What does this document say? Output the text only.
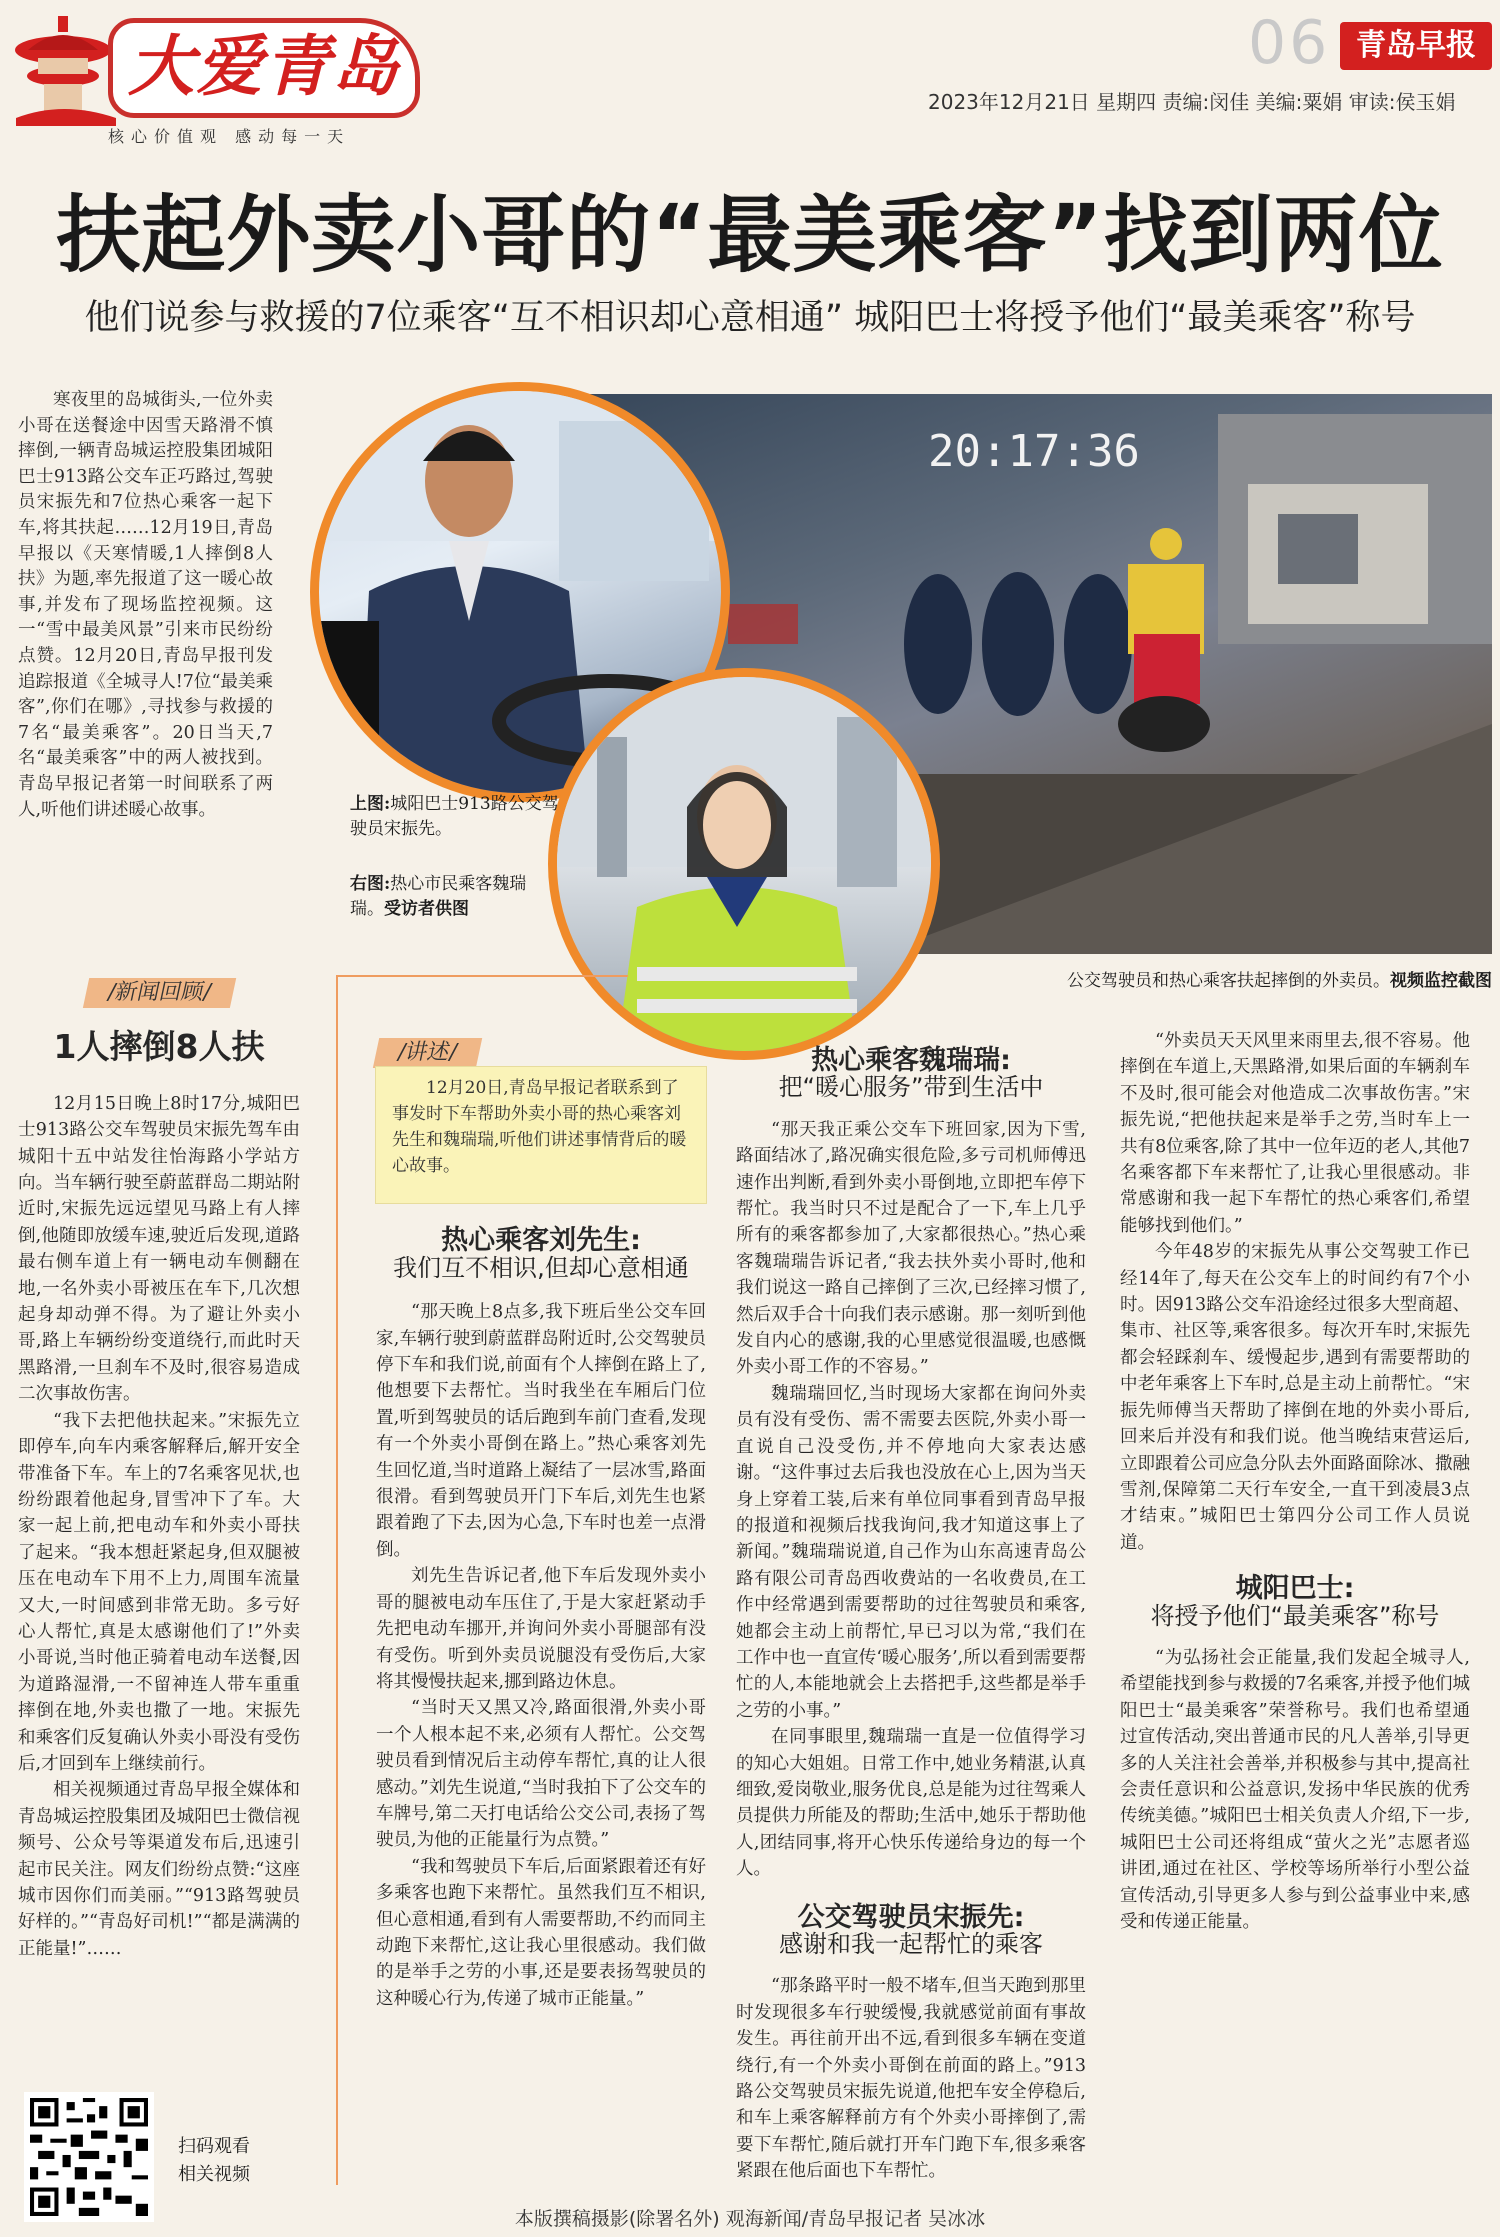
大爱青岛
核心价值观 感动每一天
06 青岛早报
2023年12月21日 星期四 责编:闵佳 美编:粟娟 审读:侯玉娟
扶起外卖小哥的“最美乘客”找到两位
他们说参与救援的7位乘客“互不相识却心意相通” 城阳巴士将授予他们“最美乘客”称号

寒夜里的岛城街头,一位外卖小哥在送餐途中因雪天路滑不慎摔倒,一辆青岛城运控股集团城阳巴士913路公交车正巧路过,驾驶员宋振先和7位热心乘客一起下车,将其扶起……12月19日,青岛早报以《天寒情暖,1人摔倒8人扶》为题,率先报道了这一暖心故事,并发布了现场监控视频。这一“雪中最美风景”引来市民纷纷点赞。12月20日,青岛早报刊发追踪报道《全城寻人!7位“最美乘客”,你们在哪》,寻找参与救援的7名“最美乘客”。20日当天,7名“最美乘客”中的两人被找到。青岛早报记者第一时间联系了两人,听他们讲述暖心故事。

20:17:36
上图:城阳巴士913路公交驾驶员宋振先。
右图:热心市民乘客魏瑞瑞。受访者供图
公交驾驶员和热心乘客扶起摔倒的外卖员。视频监控截图
/新闻回顾/
1人摔倒8人扶

12月15日晚上8时17分,城阳巴士913路公交车驾驶员宋振先驾车由城阳十五中站发往怡海路小学站方向。当车辆行驶至蔚蓝群岛二期站附近时,宋振先远远望见马路上有人摔倒,他随即放缓车速,驶近后发现,道路最右侧车道上有一辆电动车侧翻在地,一名外卖小哥被压在车下,几次想起身却动弹不得。为了避让外卖小哥,路上车辆纷纷变道绕行,而此时天黑路滑,一旦刹车不及时,很容易造成二次事故伤害。

“我下去把他扶起来。”宋振先立即停车,向车内乘客解释后,解开安全带准备下车。车上的7名乘客见状,也纷纷跟着他起身,冒雪冲下了车。大家一起上前,把电动车和外卖小哥扶了起来。“我本想赶紧起身,但双腿被压在电动车下用不上力,周围车流量又大,一时间感到非常无助。多亏好心人帮忙,真是太感谢他们了!”外卖小哥说,当时他正骑着电动车送餐,因为道路湿滑,一不留神连人带车重重摔倒在地,外卖也撒了一地。宋振先和乘客们反复确认外卖小哥没有受伤后,才回到车上继续前行。

相关视频通过青岛早报全媒体和青岛城运控股集团及城阳巴士微信视频号、公众号等渠道发布后,迅速引起市民关注。网友们纷纷点赞:“这座城市因你们而美丽。”“913路驾驶员好样的。”“青岛好司机!”“都是满满的正能量!”……

扫码观看
相关视频
/讲述/
热心乘客刘先生:
我们互不相识,但却心意相通

“那天晚上8点多,我下班后坐公交车回家,车辆行驶到蔚蓝群岛附近时,公交驾驶员停下车和我们说,前面有个人摔倒在路上了,他想要下去帮忙。当时我坐在车厢后门位置,听到驾驶员的话后跑到车前门查看,发现有一个外卖小哥倒在路上。”热心乘客刘先生回忆道,当时道路上凝结了一层冰雪,路面很滑。看到驾驶员开门下车后,刘先生也紧跟着跑了下去,因为心急,下车时也差一点滑倒。

刘先生告诉记者,他下车后发现外卖小哥的腿被电动车压住了,于是大家赶紧动手先把电动车挪开,并询问外卖小哥腿部有没有受伤。听到外卖员说腿没有受伤后,大家将其慢慢扶起来,挪到路边休息。

“当时天又黑又冷,路面很滑,外卖小哥一个人根本起不来,必须有人帮忙。公交驾驶员看到情况后主动停车帮忙,真的让人很感动。”刘先生说道,“当时我拍下了公交车的车牌号,第二天打电话给公交公司,表扬了驾驶员,为他的正能量行为点赞。”

“我和驾驶员下车后,后面紧跟着还有好多乘客也跑下来帮忙。虽然我们互不相识,但心意相通,看到有人需要帮助,不约而同主动跑下来帮忙,这让我心里很感动。我们做的是举手之劳的小事,还是要表扬驾驶员的这种暖心行为,传递了城市正能量。”

12月20日,青岛早报记者联系到了事发时下车帮助外卖小哥的热心乘客刘先生和魏瑞瑞,听他们讲述事情背后的暖心故事。

热心乘客魏瑞瑞:
把“暖心服务”带到生活中

“那天我正乘公交车下班回家,因为下雪,路面结冰了,路况确实很危险,多亏司机师傅迅速作出判断,看到外卖小哥倒地,立即把车停下帮忙。我当时只不过是配合了一下,车上几乎所有的乘客都参加了,大家都很热心。”热心乘客魏瑞瑞告诉记者,“我去扶外卖小哥时,他和我们说这一路自己摔倒了三次,已经摔习惯了,然后双手合十向我们表示感谢。那一刻听到他发自内心的感谢,我的心里感觉很温暖,也感慨外卖小哥工作的不容易。”

魏瑞瑞回忆,当时现场大家都在询问外卖员有没有受伤、需不需要去医院,外卖小哥一直说自己没受伤,并不停地向大家表达感谢。“这件事过去后我也没放在心上,因为当天身上穿着工装,后来有单位同事看到青岛早报的报道和视频后找我询问,我才知道这事上了新闻。”魏瑞瑞说道,自己作为山东高速青岛公路有限公司青岛西收费站的一名收费员,在工作中经常遇到需要帮助的过往驾驶员和乘客,她都会主动上前帮忙,早已习以为常,“我们在工作中也一直宣传‘暖心服务’,所以看到需要帮忙的人,本能地就会上去搭把手,这些都是举手之劳的小事。”

在同事眼里,魏瑞瑞一直是一位值得学习的知心大姐姐。日常工作中,她业务精湛,认真细致,爱岗敬业,服务优良,总是能为过往驾乘人员提供力所能及的帮助;生活中,她乐于帮助他人,团结同事,将开心快乐传递给身边的每一个人。

公交驾驶员宋振先:
感谢和我一起帮忙的乘客

“那条路平时一般不堵车,但当天跑到那里时发现很多车行驶缓慢,我就感觉前面有事故发生。再往前开出不远,看到很多车辆在变道绕行,有一个外卖小哥倒在前面的路上。”913路公交驾驶员宋振先说道,他把车安全停稳后,和车上乘客解释前方有个外卖小哥摔倒了,需要下车帮忙,随后就打开车门跑下车,很多乘客紧跟在他后面也下车帮忙。

“外卖员天天风里来雨里去,很不容易。他摔倒在车道上,天黑路滑,如果后面的车辆刹车不及时,很可能会对他造成二次事故伤害。”宋振先说,“把他扶起来是举手之劳,当时车上一共有8位乘客,除了其中一位年迈的老人,其他7名乘客都下车来帮忙了,让我心里很感动。非常感谢和我一起下车帮忙的热心乘客们,希望能够找到他们。”

今年48岁的宋振先从事公交驾驶工作已经14年了,每天在公交车上的时间约有7个小时。因913路公交车沿途经过很多大型商超、集市、社区等,乘客很多。每次开车时,宋振先都会轻踩刹车、缓慢起步,遇到有需要帮助的中老年乘客上下车时,总是主动上前帮忙。“宋振先师傅当天帮助了摔倒在地的外卖小哥后,回来后并没有和我们说。他当晚结束营运后,立即跟着公司应急分队去外面路面除冰、撒融雪剂,保障第二天行车安全,一直干到凌晨3点才结束。”城阳巴士第四分公司工作人员说道。

城阳巴士:
将授予他们“最美乘客”称号

“为弘扬社会正能量,我们发起全城寻人,希望能找到参与救援的7名乘客,并授予他们城阳巴士“最美乘客”荣誉称号。我们也希望通过宣传活动,突出普通市民的凡人善举,引导更多的人关注社会善举,并积极参与其中,提高社会责任意识和公益意识,发扬中华民族的优秀传统美德。”城阳巴士相关负责人介绍,下一步,城阳巴士公司还将组成“萤火之光”志愿者巡讲团,通过在社区、学校等场所举行小型公益宣传活动,引导更多人参与到公益事业中来,感受和传递正能量。

本版撰稿摄影(除署名外) 观海新闻/青岛早报记者 吴冰冰
